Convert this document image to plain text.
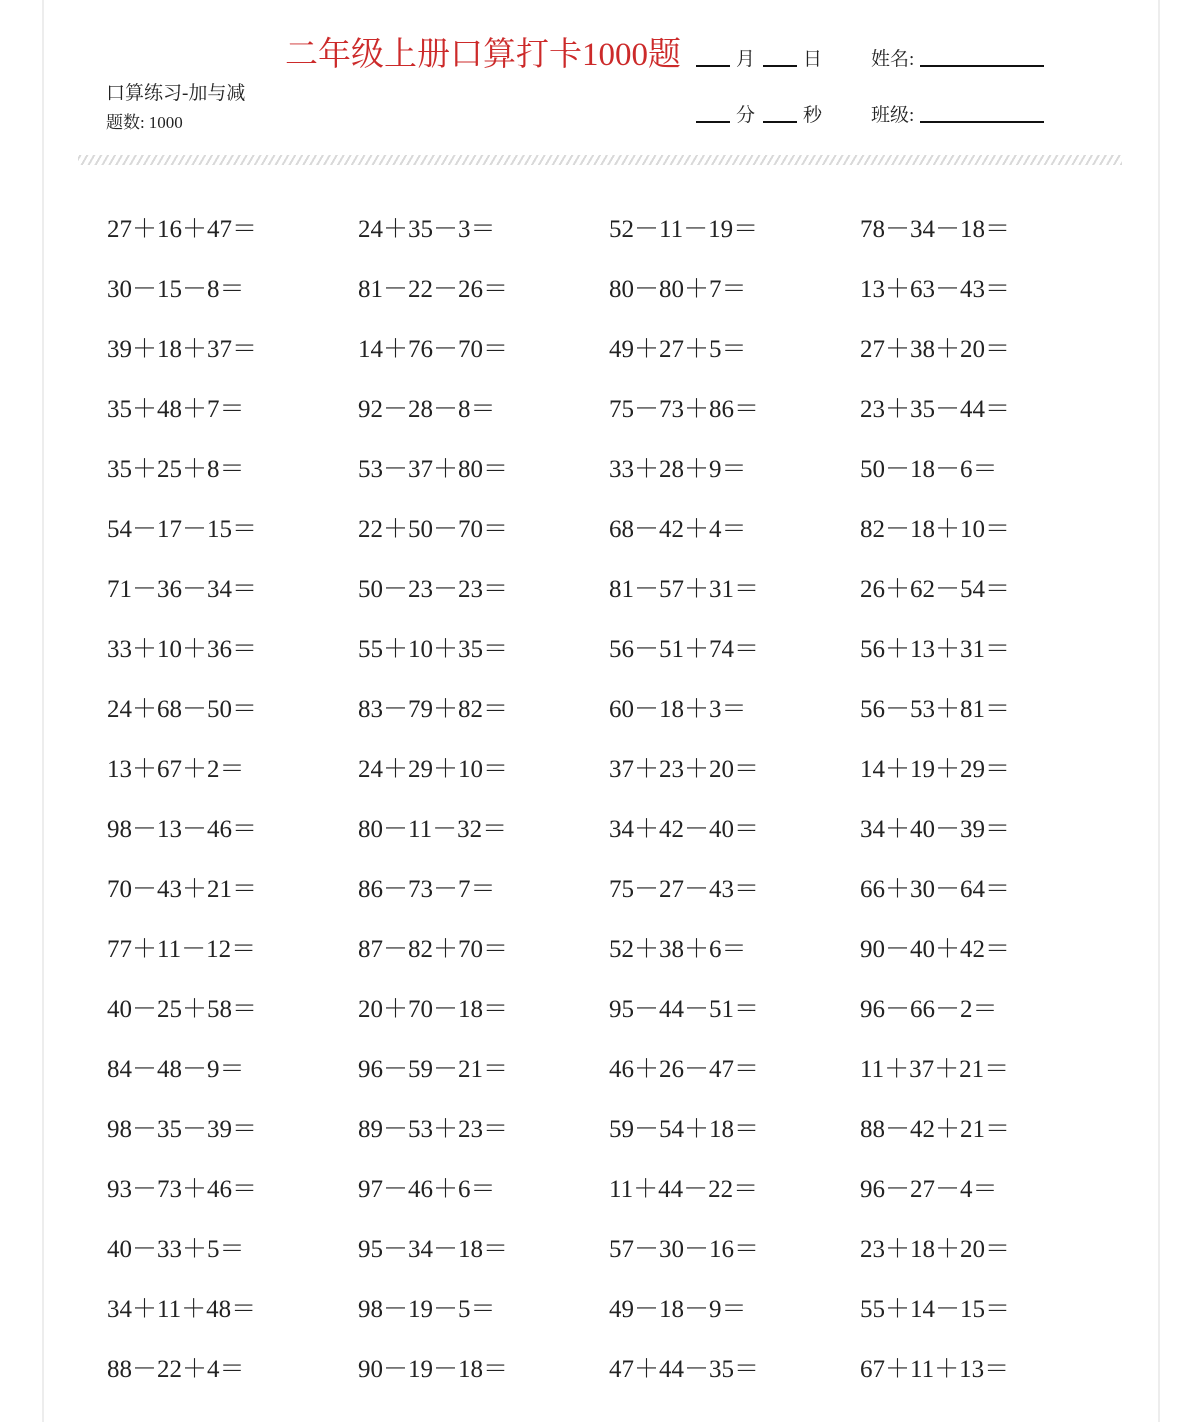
二年级上册口算打卡1000题
口算练习-加与减
题数: 1000
月	日	姓名:
分	秒	班级:
27＋16＋47＝	24＋35－3＝	52－11－19＝	78－34－18＝
30－15－8＝	81－22－26＝	80－80＋7＝	13＋63－43＝
39＋18＋37＝	14＋76－70＝	49＋27＋5＝	27＋38＋20＝
35＋48＋7＝	92－28－8＝	75－73＋86＝	23＋35－44＝
35＋25＋8＝	53－37＋80＝	33＋28＋9＝	50－18－6＝
54－17－15＝	22＋50－70＝	68－42＋4＝	82－18＋10＝
71－36－34＝	50－23－23＝	81－57＋31＝	26＋62－54＝
33＋10＋36＝	55＋10＋35＝	56－51＋74＝	56＋13＋31＝
24＋68－50＝	83－79＋82＝	60－18＋3＝	56－53＋81＝
13＋67＋2＝	24＋29＋10＝	37＋23＋20＝	14＋19＋29＝
98－13－46＝	80－11－32＝	34＋42－40＝	34＋40－39＝
70－43＋21＝	86－73－7＝	75－27－43＝	66＋30－64＝
77＋11－12＝	87－82＋70＝	52＋38＋6＝	90－40＋42＝
40－25＋58＝	20＋70－18＝	95－44－51＝	96－66－2＝
84－48－9＝	96－59－21＝	46＋26－47＝	11＋37＋21＝
98－35－39＝	89－53＋23＝	59－54＋18＝	88－42＋21＝
93－73＋46＝	97－46＋6＝	11＋44－22＝	96－27－4＝
40－33＋5＝	95－34－18＝	57－30－16＝	23＋18＋20＝
34＋11＋48＝	98－19－5＝	49－18－9＝	55＋14－15＝
88－22＋4＝	90－19－18＝	47＋44－35＝	67＋11＋13＝
